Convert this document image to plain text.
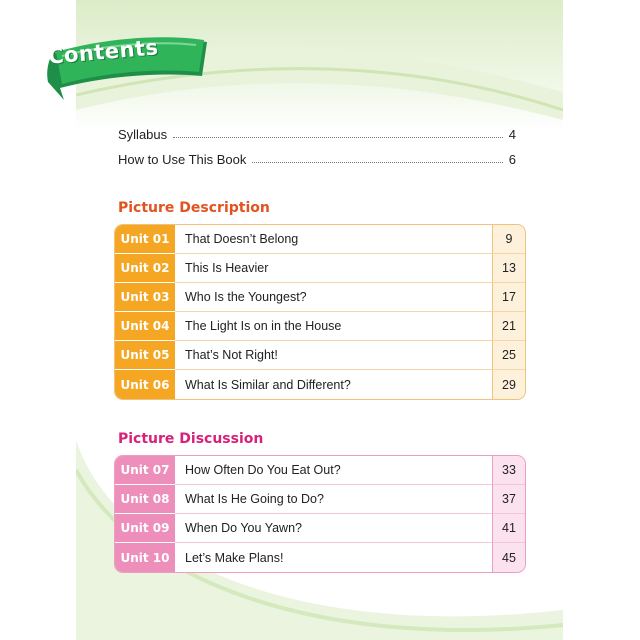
Contents
Syllabus	4
How to Use This Book	6
Picture Description
Unit 01	That Doesn’t Belong	9
Unit 02	This Is Heavier	13
Unit 03	Who Is the Youngest?	17
Unit 04	The Light Is on in the House	21
Unit 05	That’s Not Right!	25
Unit 06	What Is Similar and Different?	29
Picture Discussion
Unit 07	How Often Do You Eat Out?	33
Unit 08	What Is He Going to Do?	37
Unit 09	When Do You Yawn?	41
Unit 10	Let’s Make Plans!	45
